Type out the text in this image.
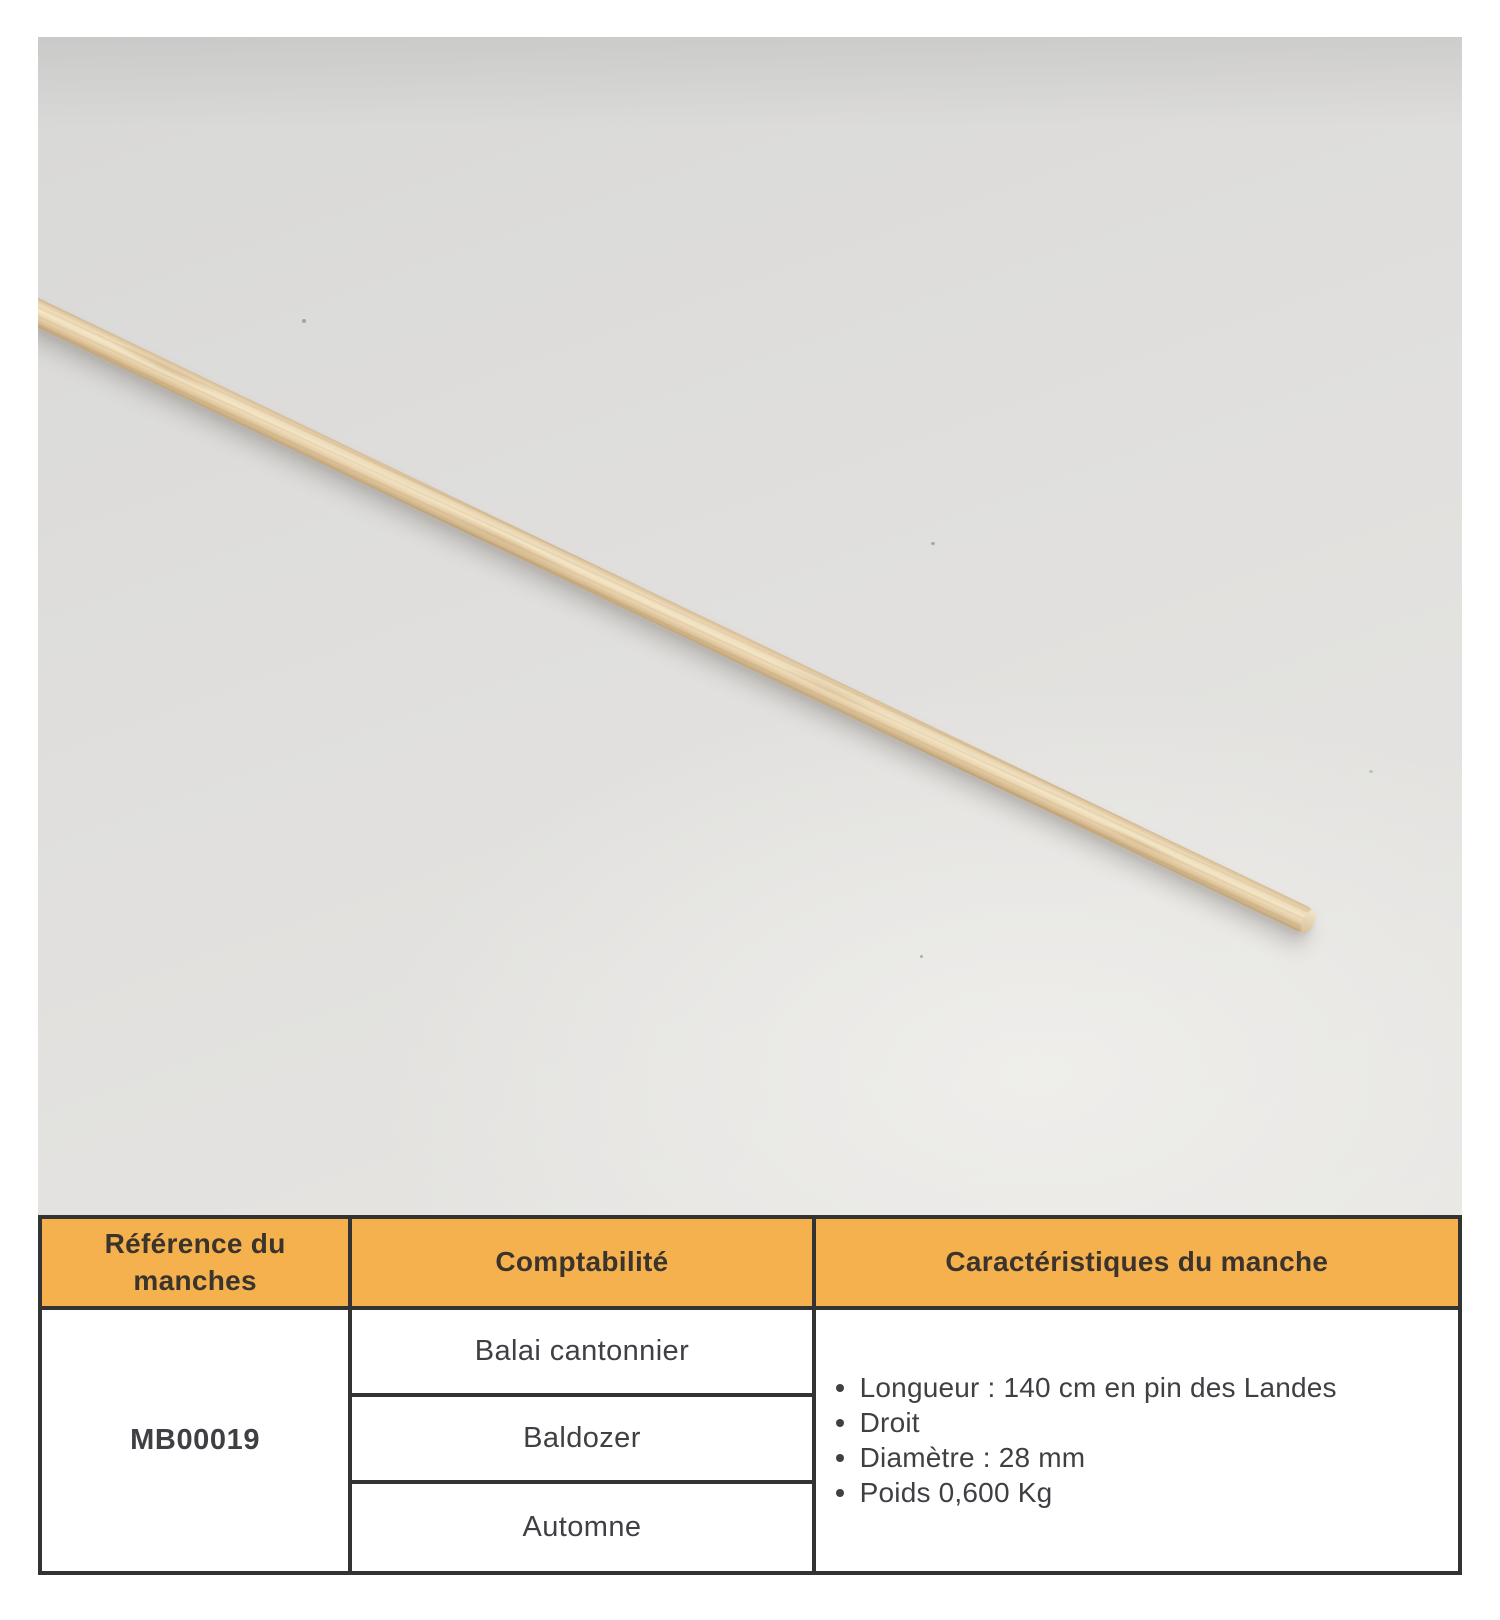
Référence du manches
Comptabilité	Caractéristiques du manche
MB00019
Balai cantonnier
Longueur : 140 cm en pin des Landes
Droit
Diamètre : 28 mm
Poids 0,600 Kg
Baldozer
Automne
